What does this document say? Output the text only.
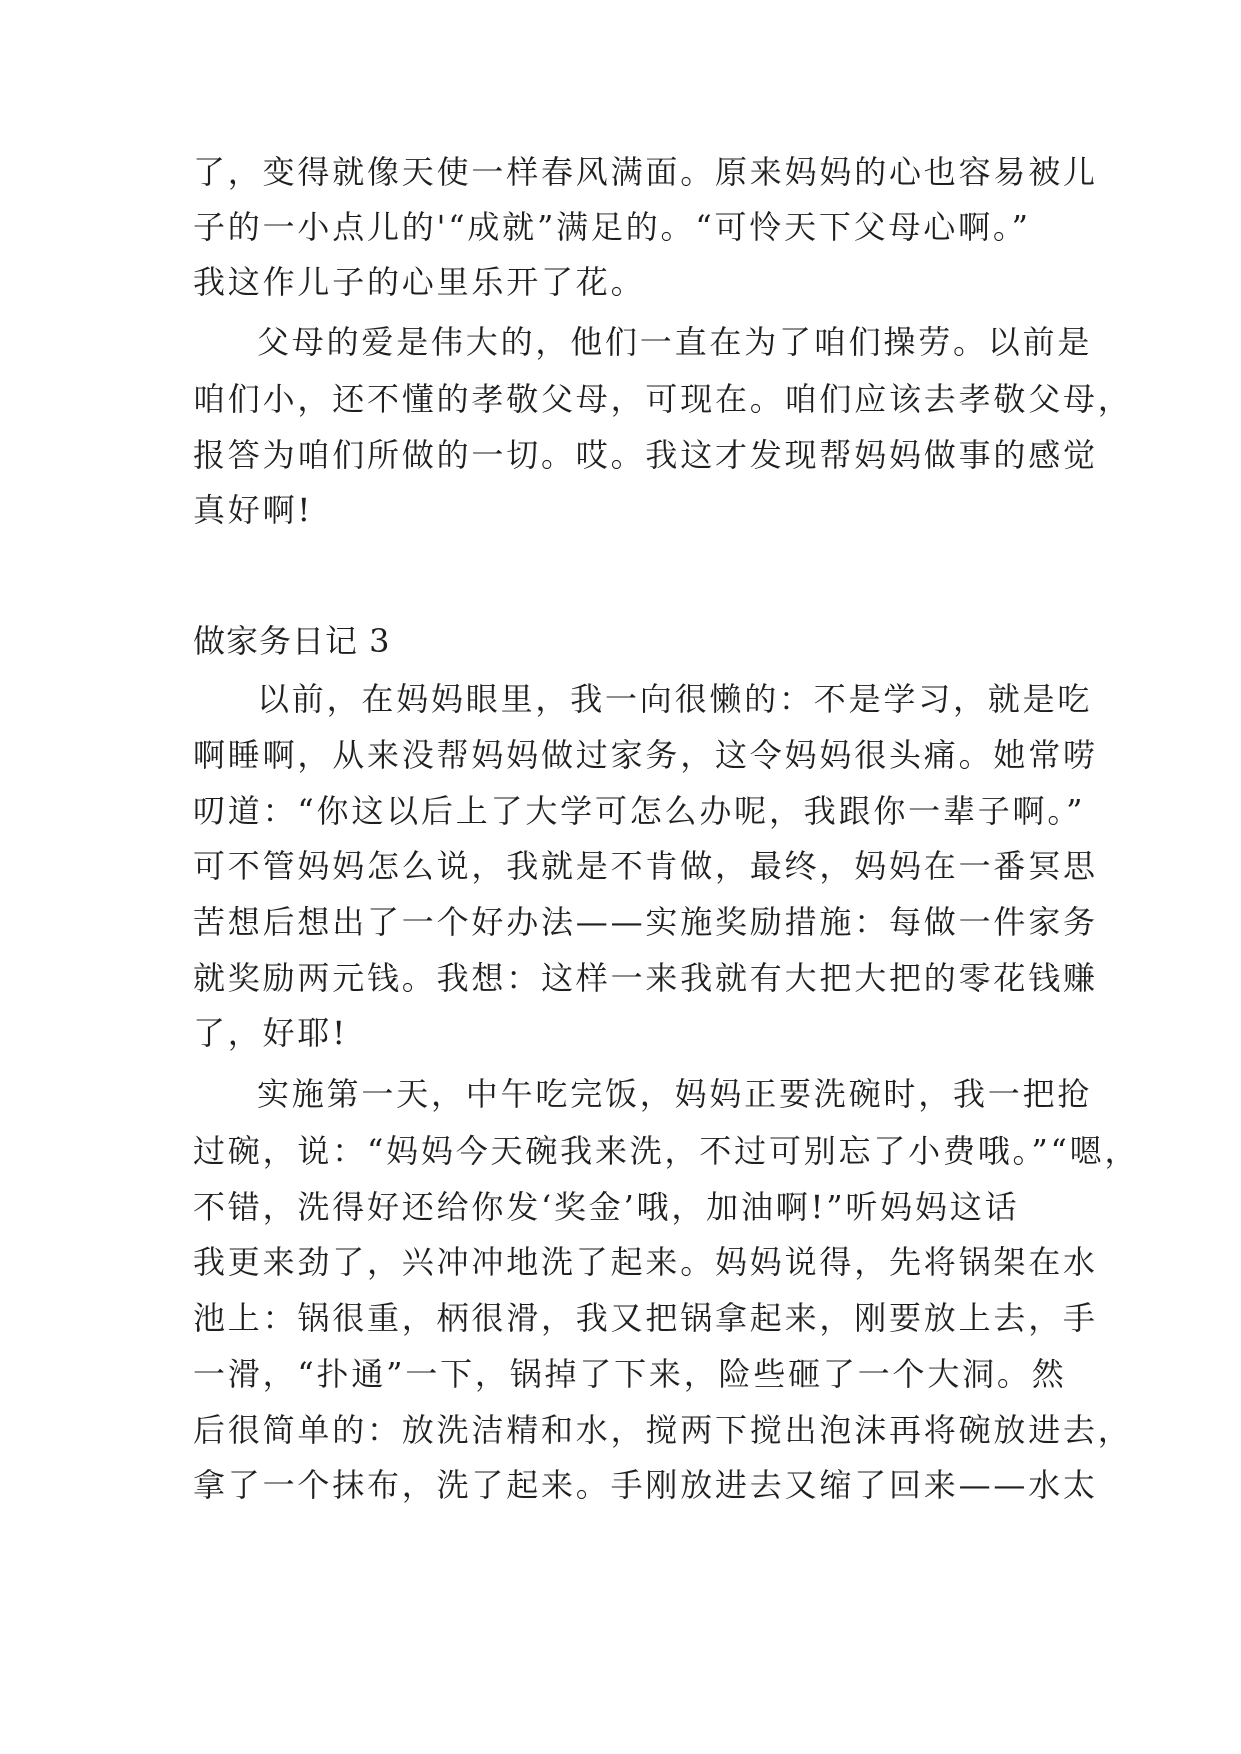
了，变得就像天使一样春风满面。原来妈妈的心也容易被儿
子的一小点儿的'“成就”满足的。“可怜天下父母心啊。”
我这作儿子的心里乐开了花。
父母的爱是伟大的，他们一直在为了咱们操劳。以前是
咱们小，还不懂的孝敬父母，可现在。咱们应该去孝敬父母，
报答为咱们所做的一切。哎。我这才发现帮妈妈做事的感觉
真好啊!
做家务日记 3
以前，在妈妈眼里，我一向很懒的：不是学习，就是吃
啊睡啊，从来没帮妈妈做过家务，这令妈妈很头痛。她常唠
叨道：“你这以后上了大学可怎么办呢，我跟你一辈子啊。”
可不管妈妈怎么说，我就是不肯做，最终，妈妈在一番冥思
苦想后想出了一个好办法——实施奖励措施：每做一件家务
就奖励两元钱。我想：这样一来我就有大把大把的零花钱赚
了，好耶!
实施第一天，中午吃完饭，妈妈正要洗碗时，我一把抢
过碗，说：“妈妈今天碗我来洗，不过可别忘了小费哦。”“嗯，
不错，洗得好还给你发‘奖金’哦，加油啊!”听妈妈这话
我更来劲了，兴冲冲地洗了起来。妈妈说得，先将锅架在水
池上：锅很重，柄很滑，我又把锅拿起来，刚要放上去，手
一滑，“扑通”一下，锅掉了下来，险些砸了一个大洞。然
后很简单的：放洗洁精和水，搅两下搅出泡沫再将碗放进去，
拿了一个抹布，洗了起来。手刚放进去又缩了回来——水太
